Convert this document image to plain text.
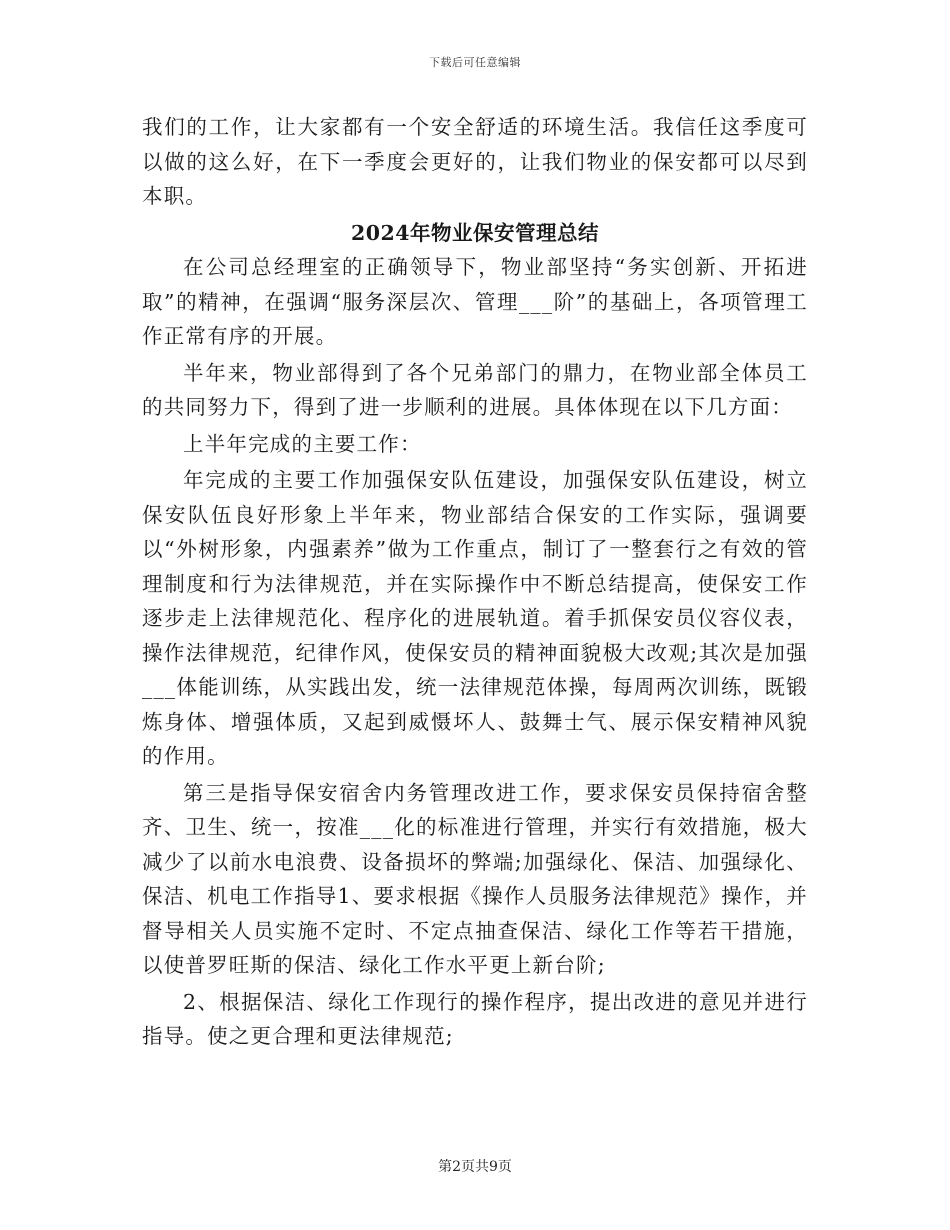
下载后可任意编辑

我们的工作，让大家都有一个安全舒适的环境生活。我信任这季度可以做的这么好，在下一季度会更好的，让我们物业的保安都可以尽到本职。

2024年物业保安管理总结

在公司总经理室的正确领导下，物业部坚持“务实创新、开拓进取”的精神，在强调“服务深层次、管理___阶”的基础上，各项管理工作正常有序的开展。

半年来，物业部得到了各个兄弟部门的鼎力，在物业部全体员工的共同努力下，得到了进一步顺利的进展。具体体现在以下几方面：

上半年完成的主要工作：

年完成的主要工作加强保安队伍建设，加强保安队伍建设，树立保安队伍良好形象上半年来，物业部结合保安的工作实际，强调要以“外树形象，内强素养”做为工作重点，制订了一整套行之有效的管理制度和行为法律规范，并在实际操作中不断总结提高，使保安工作逐步走上法律规范化、程序化的进展轨道。着手抓保安员仪容仪表，操作法律规范，纪律作风，使保安员的精神面貌极大改观;其次是加强___体能训练，从实践出发，统一法律规范体操，每周两次训练，既锻炼身体、增强体质，又起到威慑坏人、鼓舞士气、展示保安精神风貌的作用。

第三是指导保安宿舍内务管理改进工作，要求保安员保持宿舍整齐、卫生、统一，按准___化的标准进行管理，并实行有效措施，极大减少了以前水电浪费、设备损坏的弊端;加强绿化、保洁、加强绿化、保洁、机电工作指导1、要求根据《操作人员服务法律规范》操作，并督导相关人员实施不定时、不定点抽查保洁、绿化工作等若干措施，以使普罗旺斯的保洁、绿化工作水平更上新台阶;

2、根据保洁、绿化工作现行的操作程序，提出改进的意见并进行指导。使之更合理和更法律规范;

第2页共9页
